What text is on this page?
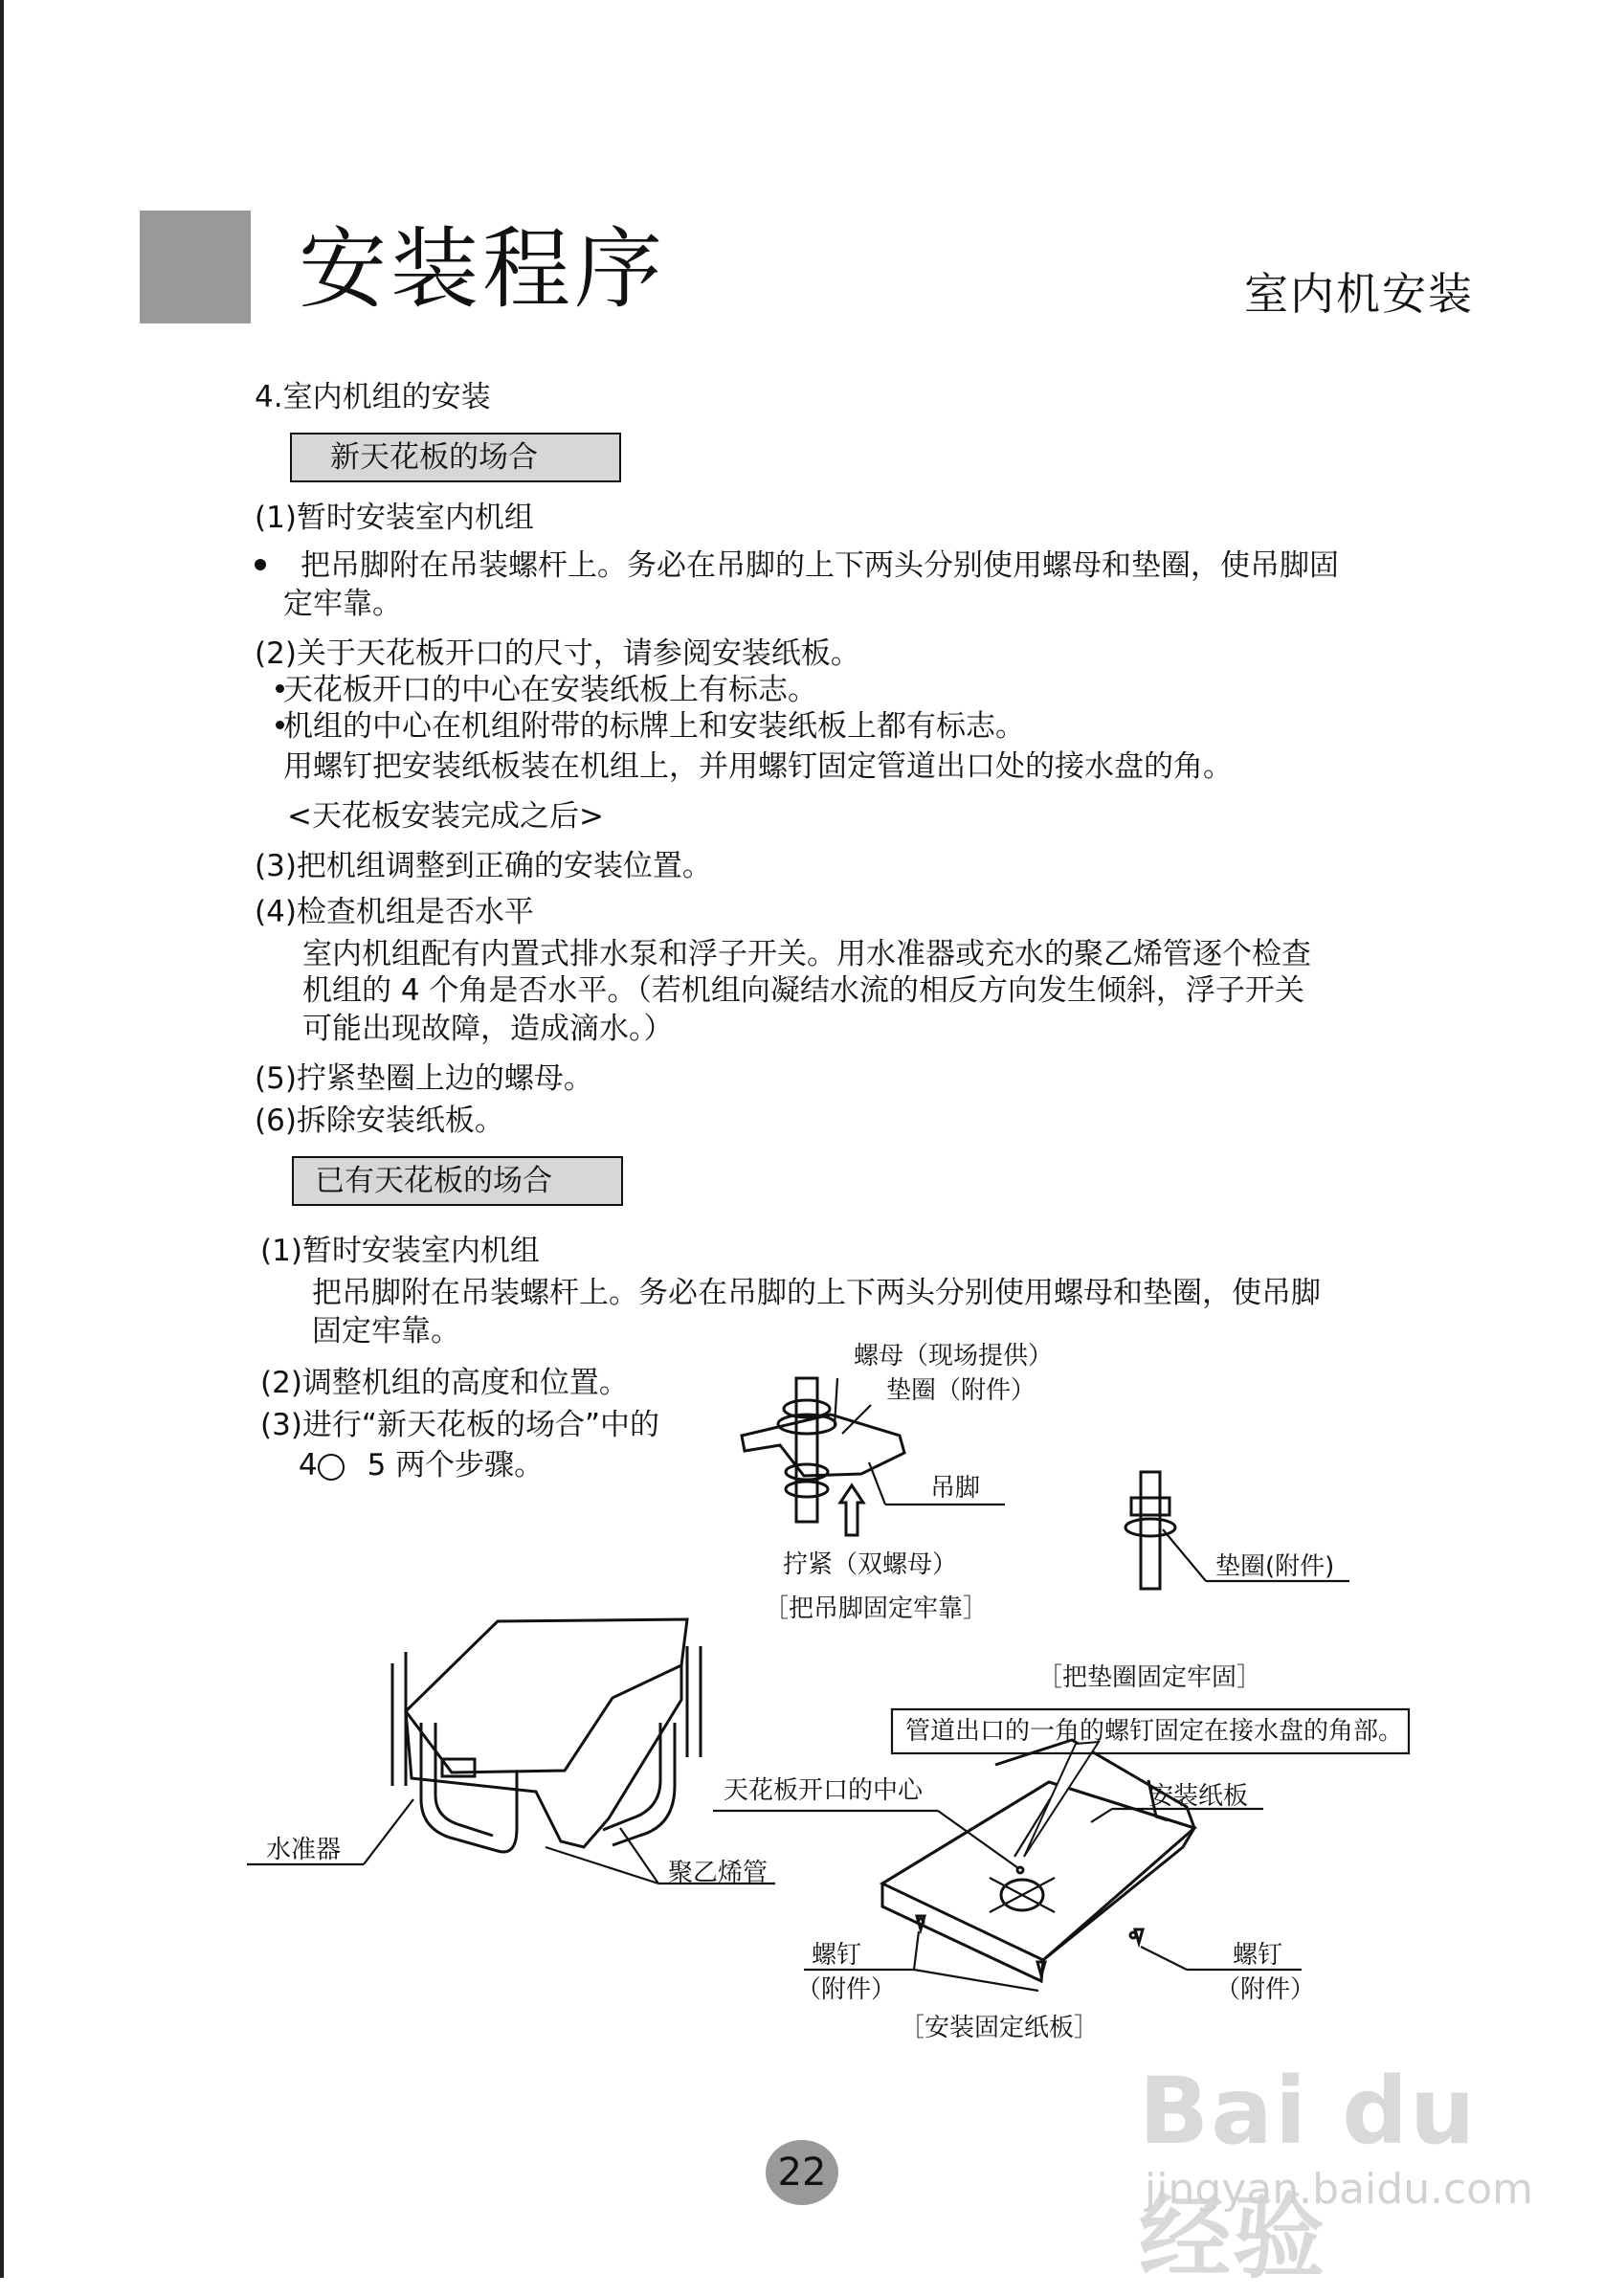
安装程序	室内机安装
4.室内机组的安装
新天花板的场合
(1)暂时安装室内机组
把吊脚附在吊装螺杆上。务必在吊脚的上下两头分别使用螺母和垫圈，使吊脚固
定牢靠。
(2)关于天花板开口的尺寸，请参阅安装纸板。
天花板开口的中心在安装纸板上有标志。
机组的中心在机组附带的标牌上和安装纸板上都有标志。
用螺钉把安装纸板装在机组上，并用螺钉固定管道出口处的接水盘的角。
<天花板安装完成之后>
(3)把机组调整到正确的安装位置。
(4)检查机组是否水平
室内机组配有内置式排水泵和浮子开关。用水准器或充水的聚乙烯管逐个检查
机组的 4 个角是否水平。（若机组向凝结水流的相反方向发生倾斜，浮子开关
可能出现故障，造成滴水。）
(5)拧紧垫圈上边的螺母。
(6)拆除安装纸板。
已有天花板的场合
(1)暂时安装室内机组
把吊脚附在吊装螺杆上。务必在吊脚的上下两头分别使用螺母和垫圈，使吊脚
固定牢靠。
(2)调整机组的高度和位置。
(3)进行“新天花板的场合”中的
4 5 两个步骤。
螺母（现场提供）
垫圈（附件）
吊脚
拧紧（双螺母）
［把吊脚固定牢靠］
垫圈(附件)
［把垫圈固定牢固］
管道出口的一角的螺钉固定在接水盘的角部。
天花板开口的中心	安装纸板
水准器
聚乙烯管
螺钉
（附件）
螺钉
（附件）
［安装固定纸板］
22
Bai du 经验
jingyan.baidu.com
